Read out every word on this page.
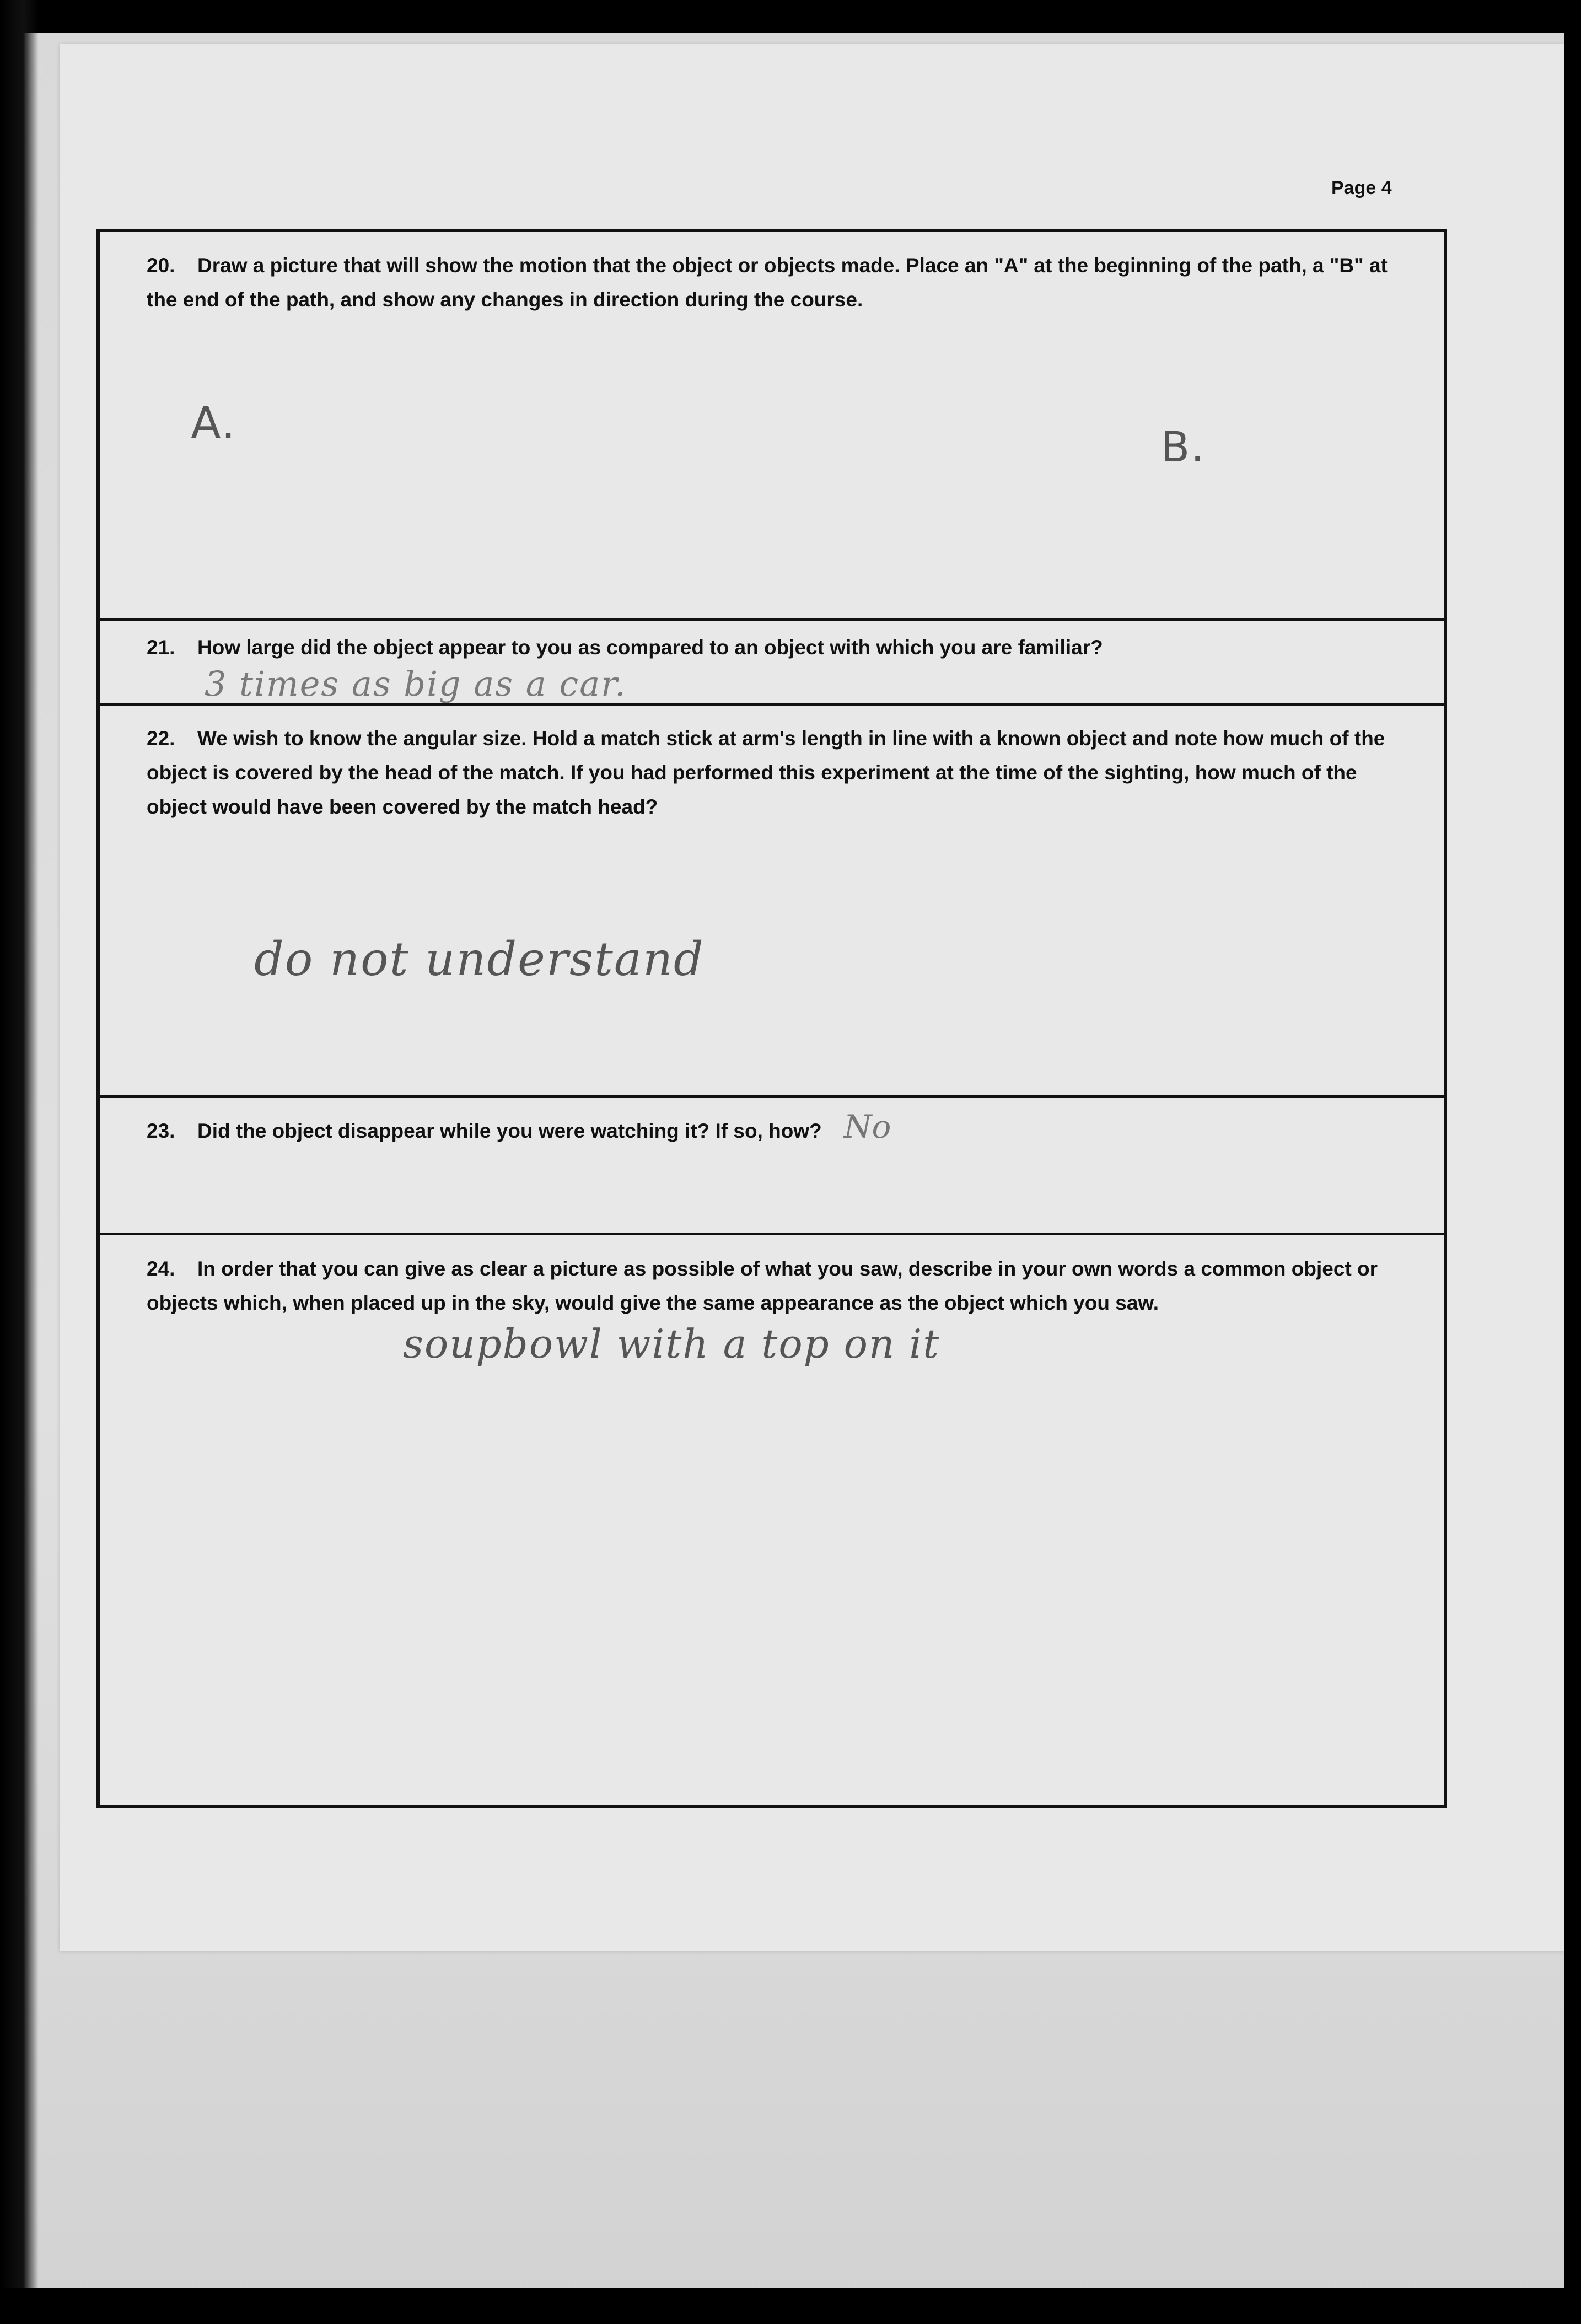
Page 4
20. Draw a picture that will show the motion that the object or objects made. Place an "A" at the beginning of the path, a "B" at the end of the path, and show any changes in direction during the course.
A.	B.
21. How large did the object appear to you as compared to an object with which you are familiar?
3 times as big as a car.
22. We wish to know the angular size. Hold a match stick at arm's length in line with a known object and note how much of the object is covered by the head of the match. If you had performed this experiment at the time of the sighting, how much of the object would have been covered by the match head?
do not understand
23. Did the object disappear while you were watching it? If so, how? No
24. In order that you can give as clear a picture as possible of what you saw, describe in your own words a common object or objects which, when placed up in the sky, would give the same appearance as the object which you saw.
soupbowl with a top on it
